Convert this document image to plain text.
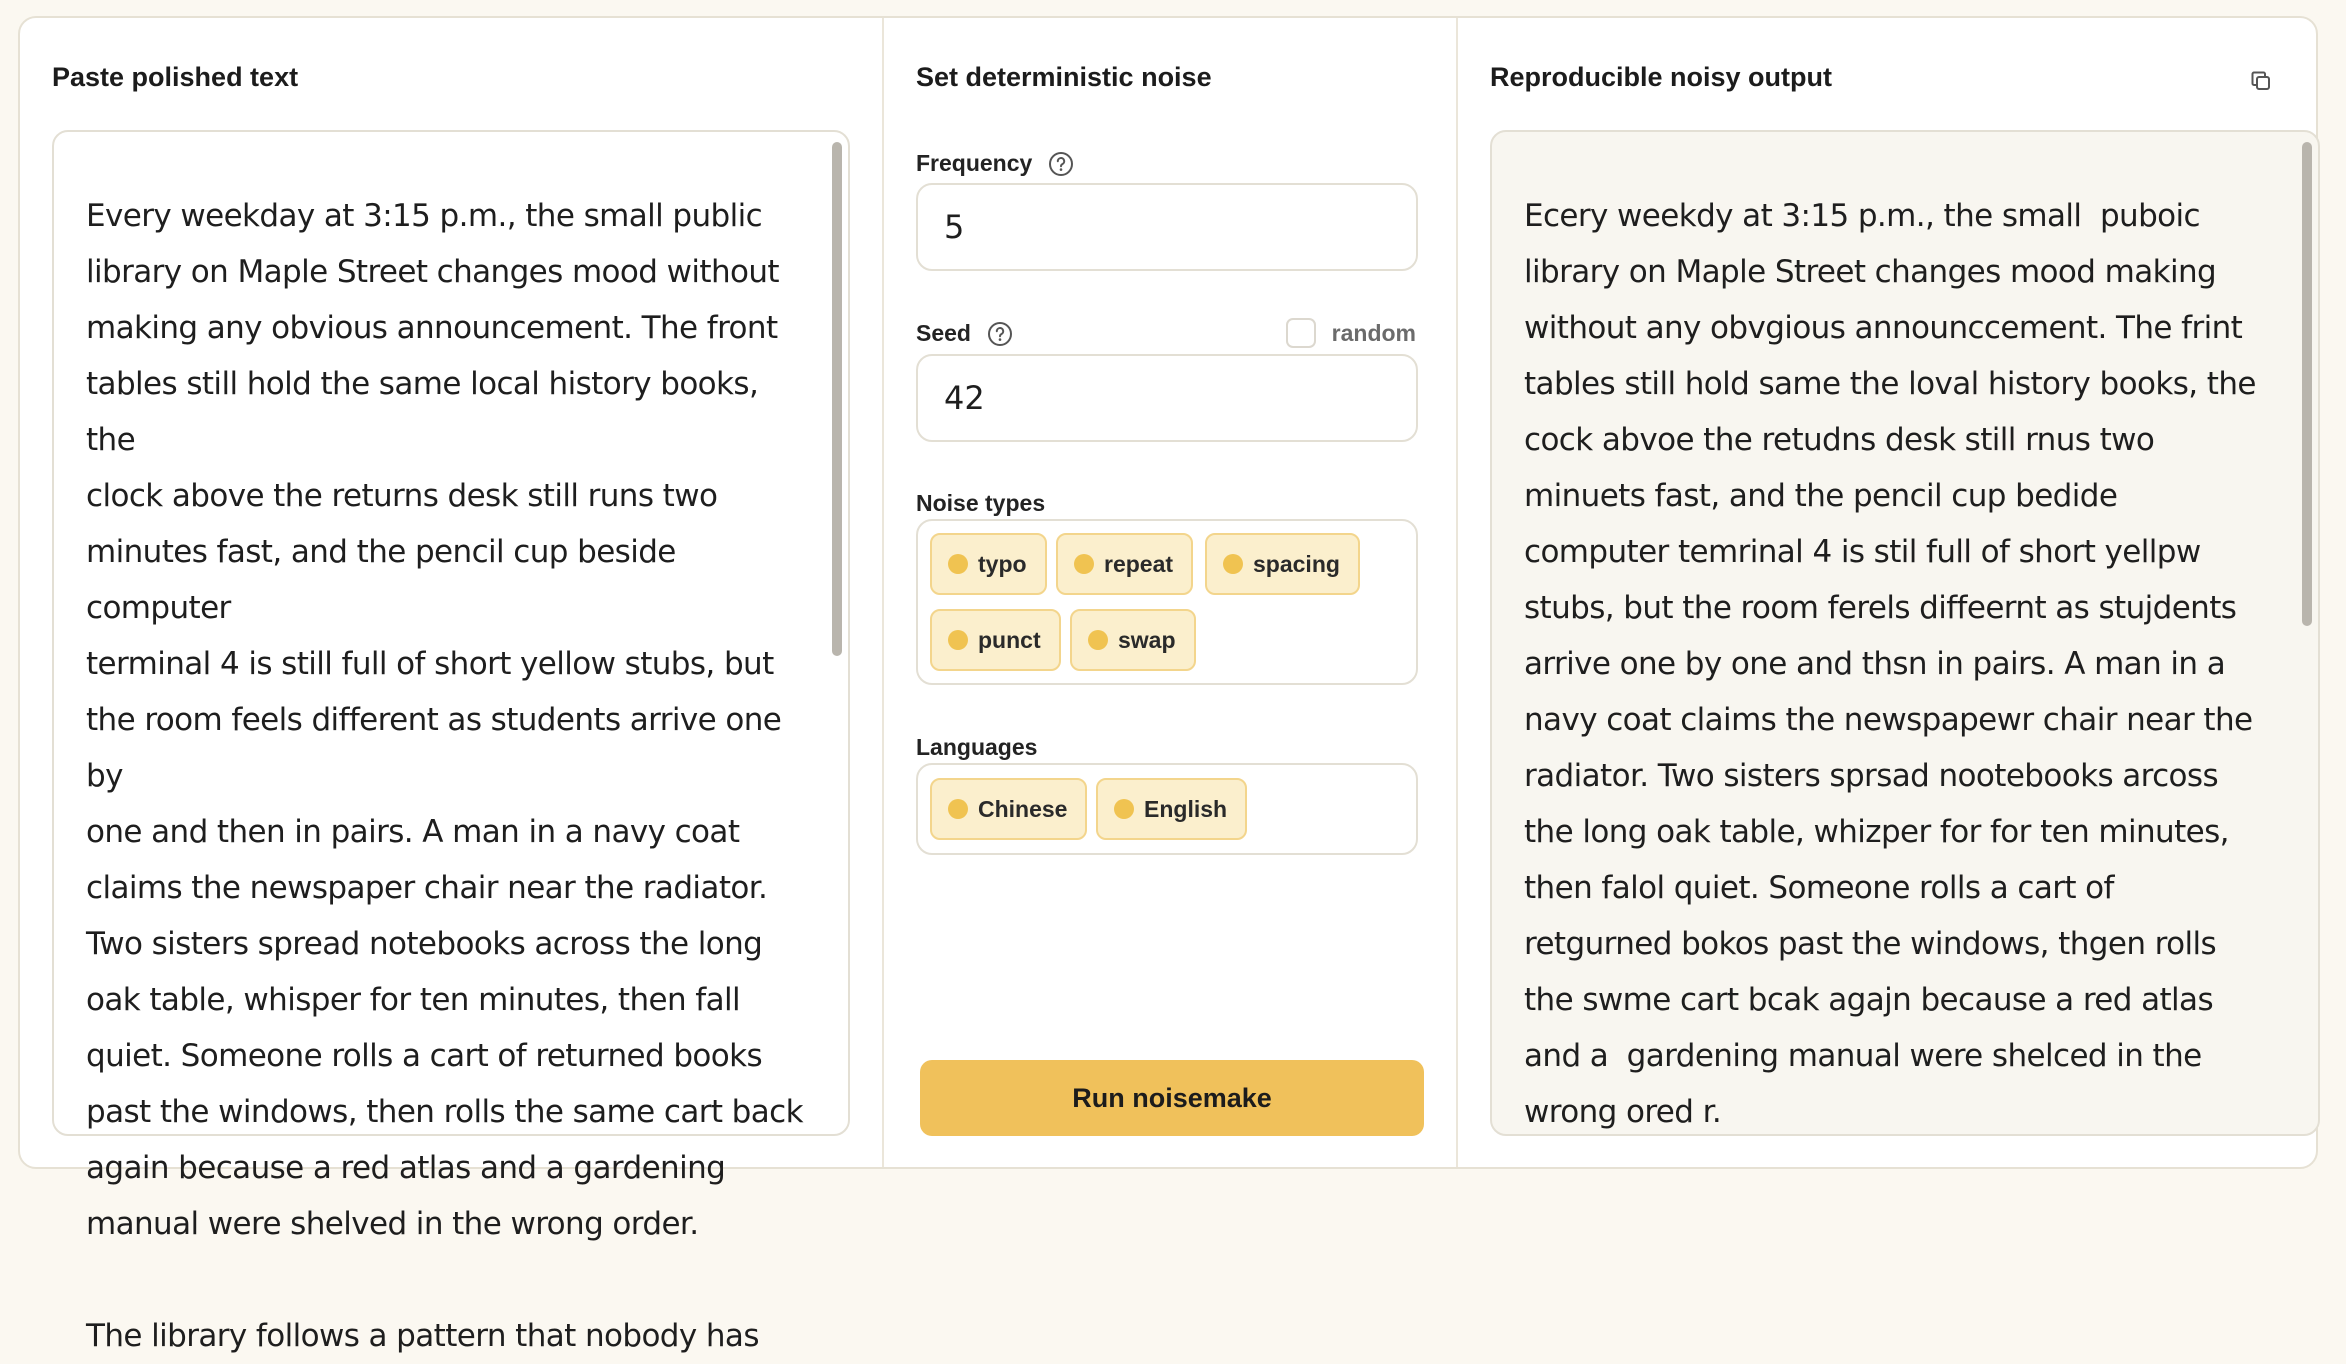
Paste polished text
Every weekday at 3:15 p.m., the small public
library on Maple Street changes mood without
making any obvious announcement. The front
tables still hold the same local history books, the
clock above the returns desk still runs two
minutes fast, and the pencil cup beside computer
terminal 4 is still full of short yellow stubs, but
the room feels different as students arrive one by
one and then in pairs. A man in a navy coat
claims the newspaper chair near the radiator.
Two sisters spread notebooks across the long
oak table, whisper for ten minutes, then fall
quiet. Someone rolls a cart of returned books
past the windows, then rolls the same cart back
again because a red atlas and a gardening
manual were shelved in the wrong order.

The library follows a pattern that nobody has
Set deterministic noise
Frequency
5
Seed	random
42
Noise types
typo	repeat	spacing
punct	swap
Languages
Chinese	English
Run noisemake
Reproducible noisy output
Ecery weekdy at 3:15 p.m., the small  puboic
library on Maple Street changes mood making
without any obvgious announccement. The frint
tables still hold same the loval history books, the
cock abvoe the retudns desk still rnus two
minuets fast, and the pencil cup bedide
computer temrinal 4 is stil full of short yellpw
stubs, but the room ferels diffeernt as stujdents
arrive one by one and thsn in pairs. A man in a
navy coat claims the newspapewr chair near the
radiator. Two sisters sprsad nootebooks arcoss
the long oak table, whizper for for ten minutes,
then falol quiet. Someone rolls a cart of
retgurned bokos past the windows, thgen rolls
the swme cart bcak agajn because a red atlas
and a  gardening manual were shelced in the
wrong ored r.
